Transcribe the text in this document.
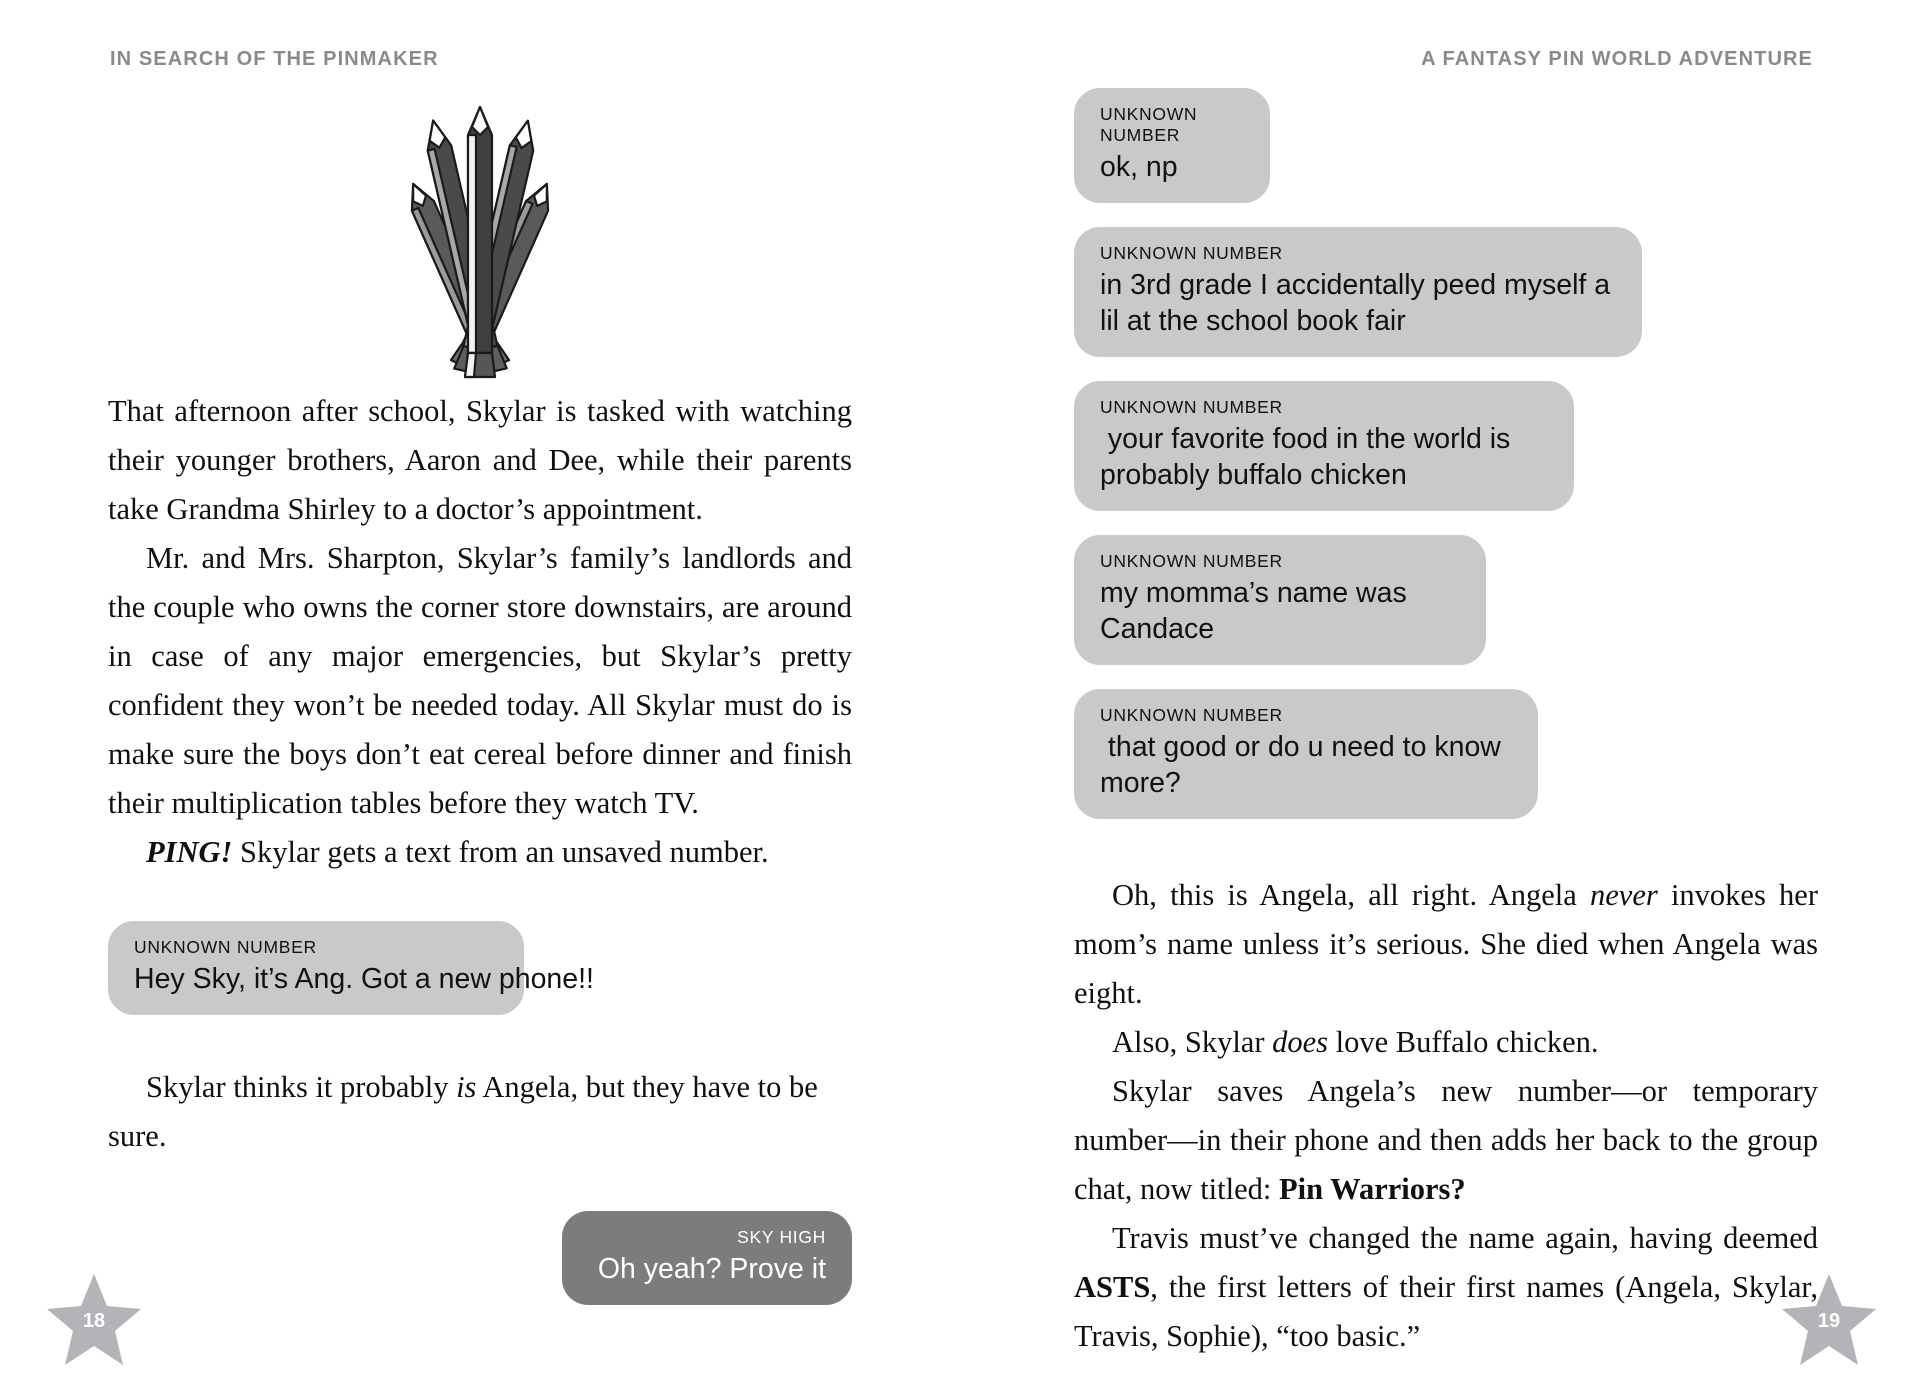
IN SEARCH OF THE PINMAKER	A FANTASY PIN WORLD ADVENTURE

That afternoon after school, Skylar is tasked with watching their younger brothers, Aaron and Dee, while their parents take Grandma Shirley to a doctor’s appointment.

Mr. and Mrs. Sharpton, Skylar’s family’s landlords and the couple who owns the corner store downstairs, are around in case of any major emergencies, but Skylar’s pretty confident they won’t be needed today. All Skylar must do is make sure the boys don’t eat cereal before dinner and finish their multiplication tables before they watch TV.

PING! Skylar gets a text from an unsaved number.

UNKNOWN NUMBER
Hey Sky, it’s Ang. Got a new phone!!

Skylar thinks it probably is Angela, but they have to be sure.

SKY HIGH
Oh yeah? Prove it
18
UNKNOWN NUMBER
ok, np
UNKNOWN NUMBER
in 3rd grade I accidentally peed myself a lil at the school book fair
UNKNOWN NUMBER
your favorite food in the world is probably buffalo chicken
UNKNOWN NUMBER
my momma’s name was Candace
UNKNOWN NUMBER
that good or do u need to know more?

Oh, this is Angela, all right. Angela never invokes her mom’s name unless it’s serious. She died when Angela was eight.

Also, Skylar does love Buffalo chicken.

Skylar saves Angela’s new number—or temporary number—in their phone and then adds her back to the group chat, now titled: Pin Warriors?

Travis must’ve changed the name again, having deemed ASTS, the first letters of their first names (Angela, Skylar, Travis, Sophie), “too basic.”	19
